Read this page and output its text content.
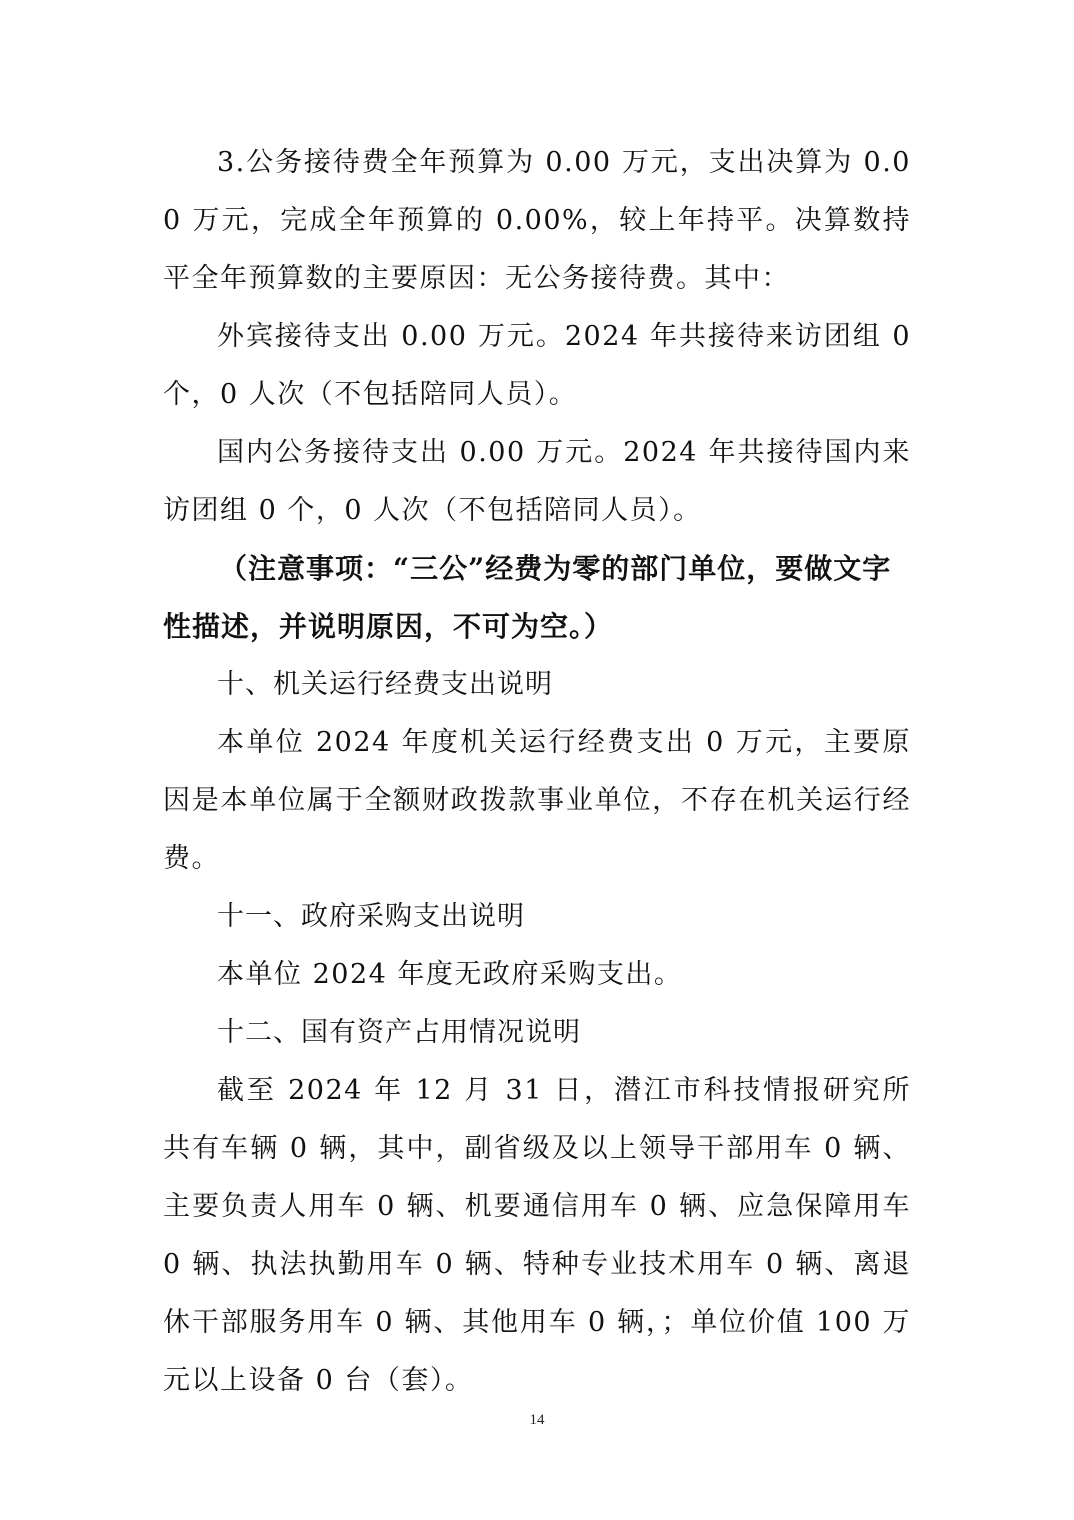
3.公务接待费全年预算为 0.00 万元，支出决算为 0.00 万元，完成全年预算的 0.00%，较上年持平。决算数持平全年预算数的主要原因：无公务接待费。其中：

外宾接待支出 0.00 万元。2024 年共接待来访团组 0 个，0 人次（不包括陪同人员）。

国内公务接待支出 0.00 万元。2024 年共接待国内来访团组 0 个，0 人次（不包括陪同人员）。

（注意事项：“三公”经费为零的部门单位，要做文字性描述，并说明原因，不可为空。）

十、机关运行经费支出说明

本单位 2024 年度机关运行经费支出 0 万元，主要原因是本单位属于全额财政拨款事业单位，不存在机关运行经费。

十一、政府采购支出说明

本单位 2024 年度无政府采购支出。

十二、国有资产占用情况说明

截至 2024 年 12 月 31 日，潜江市科技情报研究所共有车辆 0 辆，其中，副省级及以上领导干部用车 0 辆、主要负责人用车 0 辆、机要通信用车 0 辆、应急保障用车 0 辆、执法执勤用车 0 辆、特种专业技术用车 0 辆、离退休干部服务用车 0 辆、其他用车 0 辆，；单位价值 100 万元以上设备 0 台（套）。

14
